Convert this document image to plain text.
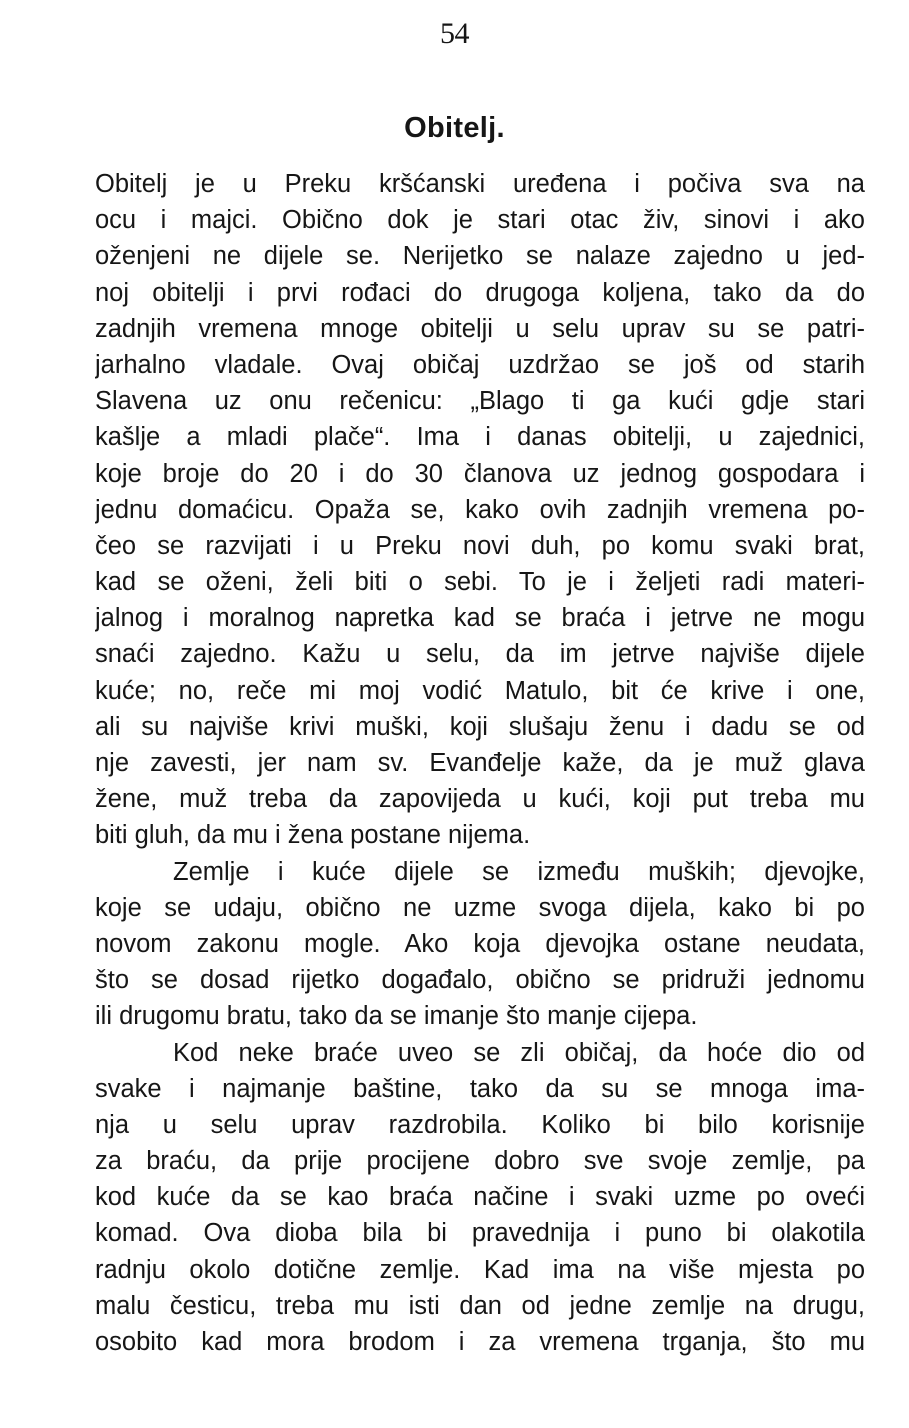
54
Obitelj.
Obitelj je u Preku kršćanski uređena i počiva sva na
ocu i majci. Obično dok je stari otac živ, sinovi i ako
oženjeni ne dijele se. Nerijetko se nalaze zajedno u jed-
noj obitelji i prvi rođaci do drugoga koljena, tako da do
zadnjih vremena mnoge obitelji u selu uprav su se patri-
jarhalno vladale. Ovaj običaj uzdržao se još od starih
Slavena uz onu rečenicu: „Blago ti ga kući gdje stari
kašlje a mladi plače“. Ima i danas obitelji, u zajednici,
koje broje do 20 i do 30 članova uz jednog gospodara i
jednu domaćicu. Opaža se, kako ovih zadnjih vremena po-
čeo se razvijati i u Preku novi duh, po komu svaki brat,
kad se oženi, želi biti o sebi. To je i željeti radi materi-
jalnog i moralnog napretka kad se braća i jetrve ne mogu
snaći zajedno. Kažu u selu, da im jetrve najviše dijele
kuće; no, reče mi moj vodić Matulo, bit će krive i one,
ali su najviše krivi muški, koji slušaju ženu i dadu se od
nje zavesti, jer nam sv. Evanđelje kaže, da je muž glava
žene, muž treba da zapovijeda u kući, koji put treba mu
biti gluh, da mu i žena postane nijema.
Zemlje i kuće dijele se između muških; djevojke,
koje se udaju, obično ne uzme svoga dijela, kako bi po
novom zakonu mogle. Ako koja djevojka ostane neudata,
što se dosad rijetko događalo, obično se pridruži jednomu
ili drugomu bratu, tako da se imanje što manje cijepa.
Kod neke braće uveo se zli običaj, da hoće dio od
svake i najmanje baštine, tako da su se mnoga ima-
nja u selu uprav razdrobila. Koliko bi bilo korisnije
za braću, da prije procijene dobro sve svoje zemlje, pa
kod kuće da se kao braća načine i svaki uzme po oveći
komad. Ova dioba bila bi pravednija i puno bi olakotila
radnju okolo dotične zemlje. Kad ima na više mjesta po
malu česticu, treba mu isti dan od jedne zemlje na drugu,
osobito kad mora brodom i za vremena trganja, što mu
